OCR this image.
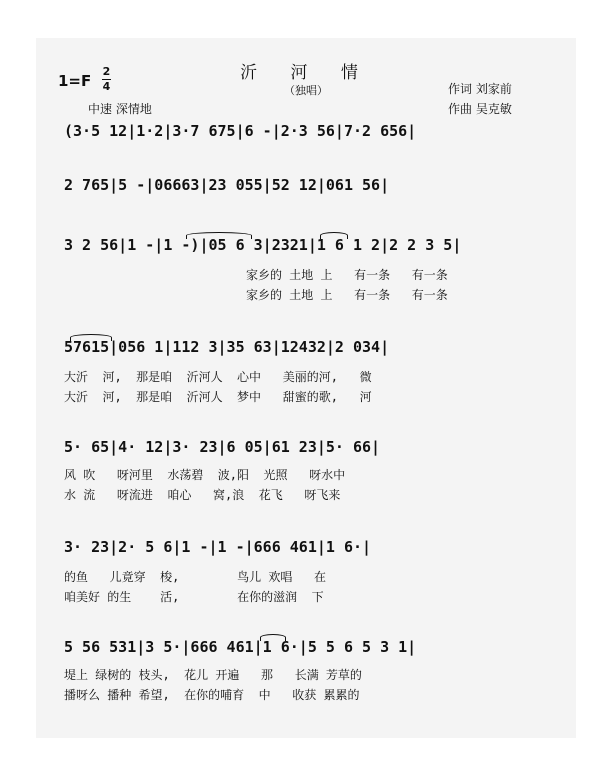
沂 河 情
（独唱）
1=F
2
4
中速 深情地
作词 刘家前
作曲 吴克敏
(3·5 12|1·2|3·7 675|6 -|2·3 56|7·2 656|
2 765|5 -|06663|23 055|52 12|061 56|
3 2 56|1 -|1 -)|05 6 3|2321|1 6 1 2|2 2 3 5|
家乡的 土地 上   有一条   有一条
家乡的 土地 上   有一条   有一条
57615|056 1|112 3|35 63|12432|2 034|
大沂  河,  那是咱  沂河人  心中   美丽的河,   微
大沂  河,  那是咱  沂河人  梦中   甜蜜的歌,   河
5· 65|4· 12|3· 23|6 05|61 23|5· 66|
风 吹   呀河里  水荡碧  波,阳  光照   呀水中
水 流   呀流进  咱心   窝,浪  花飞   呀飞来
3· 23|2· 5 6|1 -|1 -|666 461|1 6·|
的鱼   儿竟穿  梭,        鸟儿 欢唱   在
咱美好 的生    活,        在你的滋润  下
5 56 531|3 5·|666 461|1 6·|5 5 6 5 3 1|
堤上 绿树的 枝头,  花儿 开遍   那   长满 芳草的
播呀么 播种 希望,  在你的哺育  中   收获 累累的
